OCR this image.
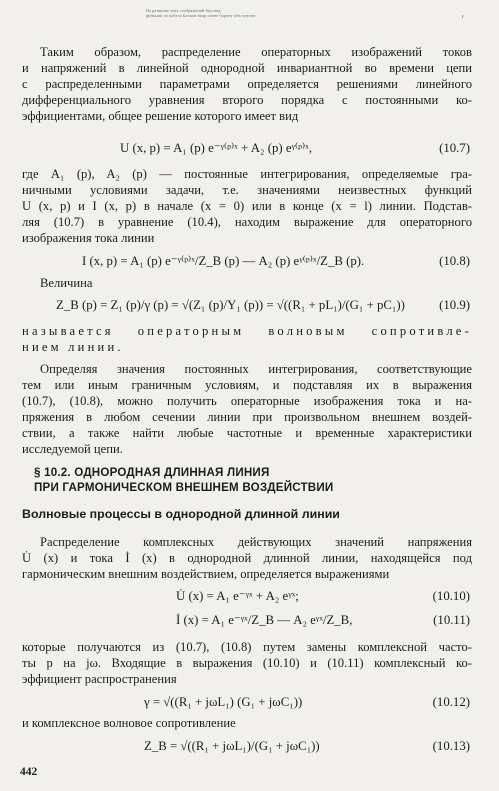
На развитие этих соображений был вид
функции по кабеля Блоком вкор плене борону объ-огюзов	'
Таким образом, распределение операторных изображений токов
и напряжений в линейной однородной инвариантной во времени цепи
с распределенными параметрами определяется решениями линейного
дифференциального уравнения второго порядка с постоянными ко-
эффициентами, общее решение которого имеет вид
U (x, p) = A₁ (p) e⁻ᵞ⁽ᵖ⁾ˣ + A₂ (p) eᵞ⁽ᵖ⁾ˣ,	(10.7)
где A₁ (p), A₂ (p) — постоянные интегрирования, определяемые гра-
ничными условиями задачи, т.е. значениями неизвестных функций
U (x, p) и I (x, p) в начале (x = 0) или в конце (x = l) линии. Подстав-
ляя (10.7) в уравнение (10.4), находим выражение для операторного
изображения тока линии
I (x, p) = A₁ (p) e⁻ᵞ⁽ᵖ⁾ˣ/Z_В (p) — A₂ (p) eᵞ⁽ᵖ⁾ˣ/Z_В (p).	(10.8)
Величина
Z_В (p) = Z₁ (p)/γ (p) = √(Z₁ (p)/Y₁ (p)) = √((R₁ + pL₁)/(G₁ + pC₁))	(10.9)
называется операторным волновым сопротивле-
нием линии.
Определяя значения постоянных интегрирования, соответствующие
тем или иным граничным условиям, и подставляя их в выражения
(10.7), (10.8), можно получить операторные изображения тока и на-
пряжения в любом сечении линии при произвольном внешнем воздей-
ствии, а также найти любые частотные и временные характеристики
исследуемой цепи.
§ 10.2. ОДНОРОДНАЯ ДЛИННАЯ ЛИНИЯ
ПРИ ГАРМОНИЧЕСКОМ ВНЕШНЕМ ВОЗДЕЙСТВИИ
Волновые процессы в однородной длинной линии
Распределение комплексных действующих значений напряжения
U̇ (x) и тока İ (x) в однородной длинной линии, находящейся под
гармоническим внешним воздействием, определяется выражениями
U̇ (x) = A₁ e⁻ᵞˣ + A₂ eᵞˣ;	(10.10)
İ (x) = A₁ e⁻ᵞˣ/Z_В — A₂ eᵞˣ/Z_В,	(10.11)
которые получаются из (10.7), (10.8) путем замены комплексной часто-
ты p на jω. Входящие в выражения (10.10) и (10.11) комплексный ко-
эффициент распространения
γ = √((R₁ + jωL₁) (G₁ + jωC₁))	(10.12)
и комплексное волновое сопротивление
Z_В = √((R₁ + jωL₁)/(G₁ + jωC₁))	(10.13)
442
